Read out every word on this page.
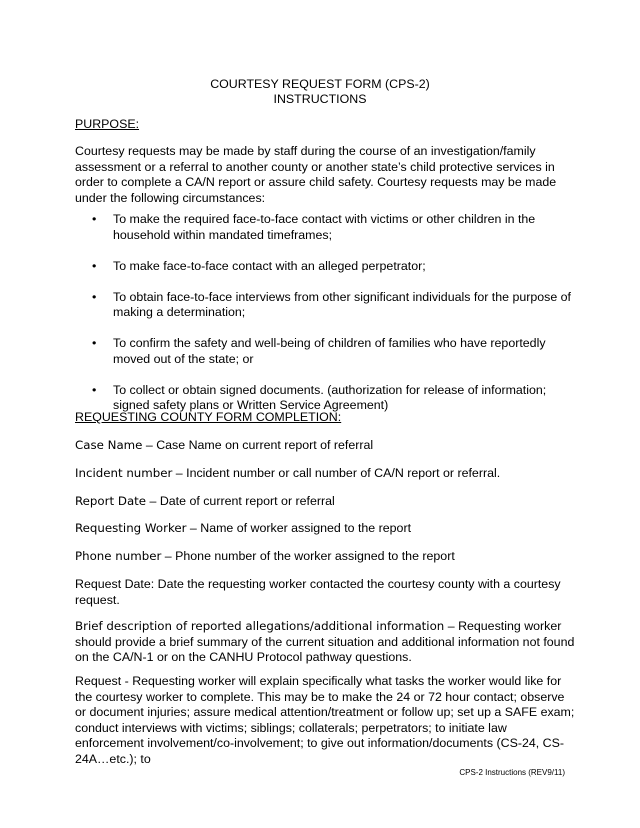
COURTESY REQUEST FORM (CPS-2)
INSTRUCTIONS
PURPOSE:
Courtesy requests may be made by staff during the course of an investigation/family assessment or a referral to another county or another state’s child protective services in order to complete a CA/N report or assure child safety. Courtesy requests may be made under the following circumstances:
• To make the required face-to-face contact with victims or other children in the household within mandated timeframes;
• To make face-to-face contact with an alleged perpetrator;
• To obtain face-to-face interviews from other significant individuals for the purpose of making a determination;
• To confirm the safety and well-being of children of families who have reportedly moved out of the state; or
• To collect or obtain signed documents. (authorization for release of information; signed safety plans or Written Service Agreement)
REQUESTING COUNTY FORM COMPLETION:
Case Name – Case Name on current report of referral
Incident number – Incident number or call number of CA/N report or referral.
Report Date – Date of current report or referral
Requesting Worker – Name of worker assigned to the report
Phone number – Phone number of the worker assigned to the report
Request Date: Date the requesting worker contacted the courtesy county with a courtesy request.
Brief description of reported allegations/additional information – Requesting worker should provide a brief summary of the current situation and additional information not found on the CA/N-1 or on the CANHU Protocol pathway questions.
Request - Requesting worker will explain specifically what tasks the worker would like for the courtesy worker to complete. This may be to make the 24 or 72 hour contact; observe or document injuries; assure medical attention/treatment or follow up; set up a SAFE exam; conduct interviews with victims; siblings; collaterals; perpetrators; to initiate law enforcement involvement/co-involvement; to give out information/documents (CS-24, CS-24A…etc.); to
CPS-2 Instructions (REV9/11)
